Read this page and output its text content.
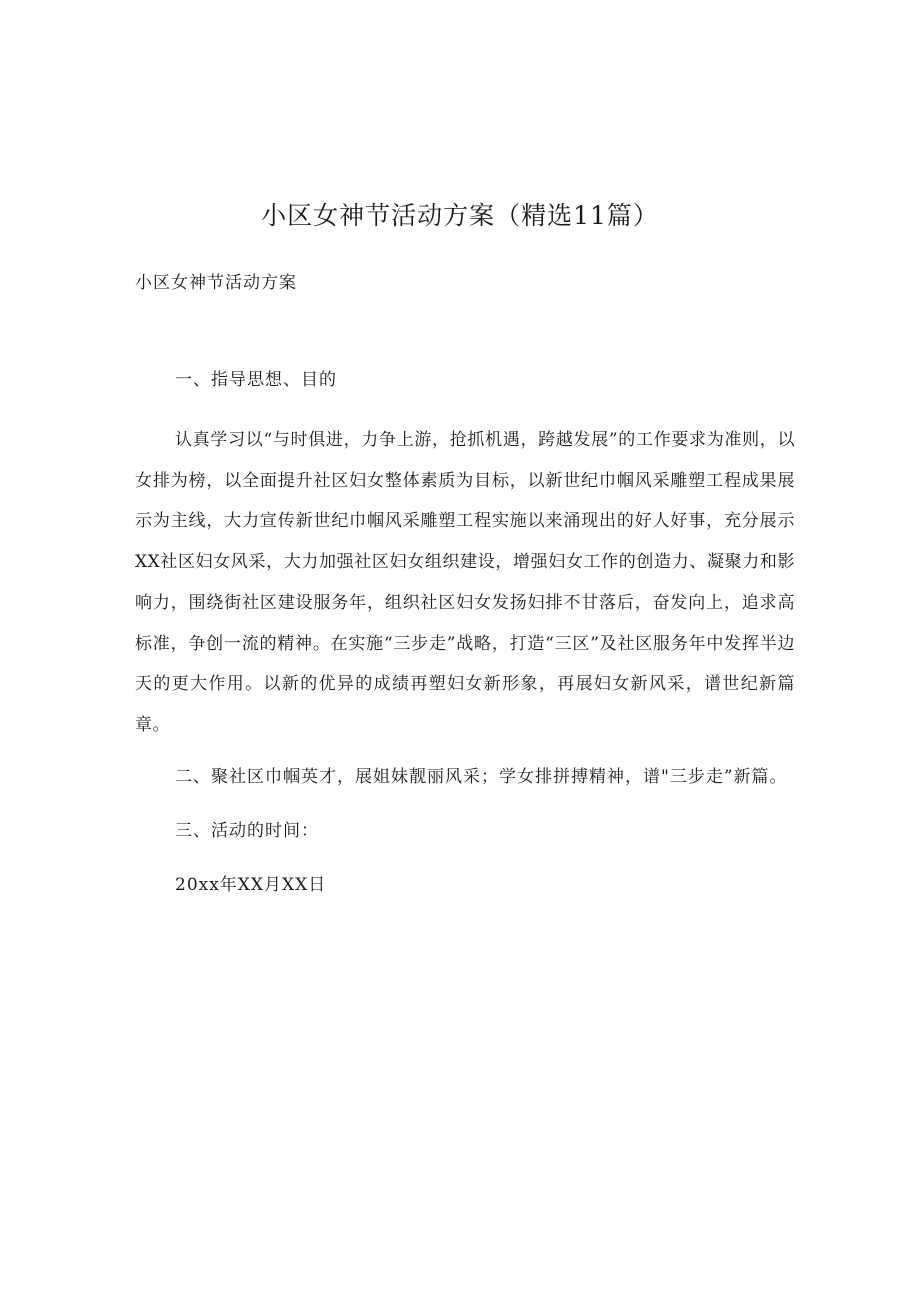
小区女神节活动方案（精选11篇）

小区女神节活动方案

一、指导思想、目的

认真学习以“与时俱进，力争上游，抢抓机遇，跨越发展”的工作要求为准则，以女排为榜，以全面提升社区妇女整体素质为目标，以新世纪巾帼风采雕塑工程成果展示为主线，大力宣传新世纪巾帼风采雕塑工程实施以来涌现出的好人好事，充分展示XX社区妇女风采，大力加强社区妇女组织建设，增强妇女工作的创造力、凝聚力和影响力，围绕街社区建设服务年，组织社区妇女发扬妇排不甘落后，奋发向上，追求高标准，争创一流的精神。在实施“三步走”战略，打造“三区”及社区服务年中发挥半边天的更大作用。以新的优异的成绩再塑妇女新形象，再展妇女新风采，谱世纪新篇章。

二、聚社区巾帼英才，展姐妹靓丽风采；学女排拼搏精神，谱"三步走”新篇。

三、活动的时间：

20xx年XX月XX日
